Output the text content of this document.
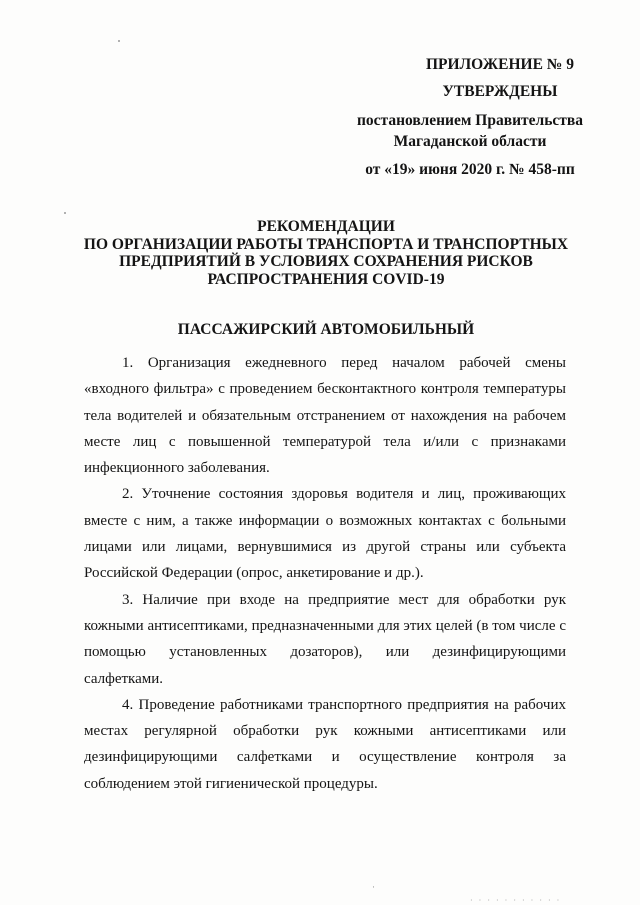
ПРИЛОЖЕНИЕ № 9
УТВЕРЖДЕНЫ
постановлением Правительства
Магаданской области
от «19» июня 2020 г. № 458-пп
РЕКОМЕНДАЦИИ
ПО ОРГАНИЗАЦИИ РАБОТЫ ТРАНСПОРТА И ТРАНСПОРТНЫХ
ПРЕДПРИЯТИЙ В УСЛОВИЯХ СОХРАНЕНИЯ РИСКОВ
РАСПРОСТРАНЕНИЯ COVID-19
ПАССАЖИРСКИЙ АВТОМОБИЛЬНЫЙ

1. Организация ежедневного перед началом рабочей смены «входного фильтра» с проведением бесконтактного контроля температуры тела водителей и обязательным отстранением от нахождения на рабочем месте лиц с повышенной температурой тела и/или с признаками инфекционного заболевания.

2. Уточнение состояния здоровья водителя и лиц, проживающих вместе с ним, а также информации о возможных контактах с больными лицами или лицами, вернувшимися из другой страны или субъекта Российской Федерации (опрос, анкетирование и др.).

3. Наличие при входе на предприятие мест для обработки рук кожными антисептиками, предназначенными для этих целей (в том числе с помощью установленных дозаторов), или дезинфицирующими салфетками.

4. Проведение работниками транспортного предприятия на рабочих местах регулярной обработки рук кожными антисептиками или дезинфицирующими салфетками и осуществление контроля за соблюдением этой гигиенической процедуры.

·
· · · · · · · · · · ·
